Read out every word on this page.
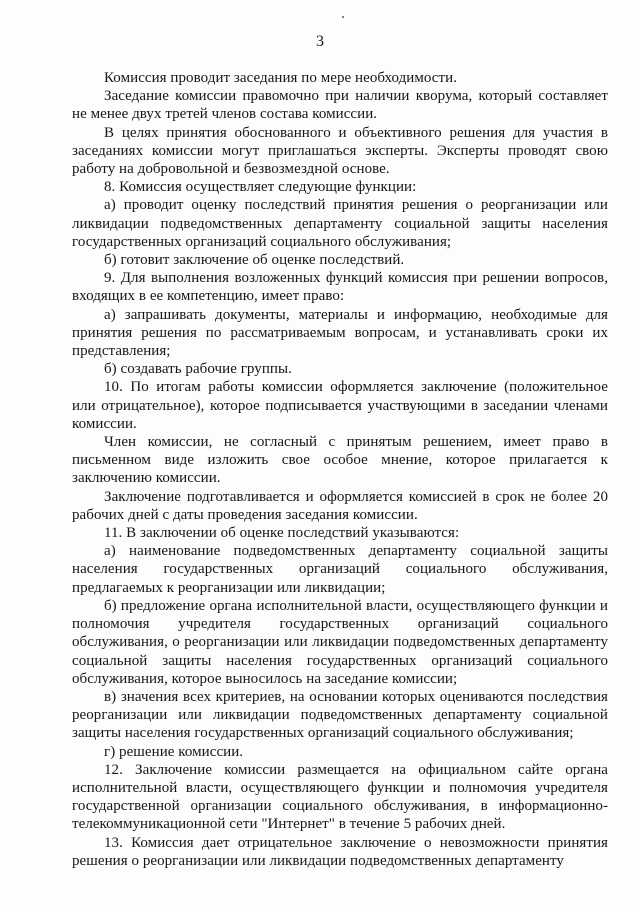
3

Комиссия проводит заседания по мере необходимости.

Заседание комиссии правомочно при наличии кворума, который составляет не менее двух третей членов состава комиссии.

В целях принятия обоснованного и объективного решения для участия в заседаниях комиссии могут приглашаться эксперты. Эксперты проводят свою работу на добровольной и безвозмездной основе.

8. Комиссия осуществляет следующие функции:

а) проводит оценку последствий принятия решения о реорганизации или ликвидации подведомственных департаменту социальной защиты населения государственных организаций социального обслуживания;

б) готовит заключение об оценке последствий.

9. Для выполнения возложенных функций комиссия при решении вопросов, входящих в ее компетенцию, имеет право:

а) запрашивать документы, материалы и информацию, необходимые для принятия решения по рассматриваемым вопросам, и устанавливать сроки их представления;

б) создавать рабочие группы.

10. По итогам работы комиссии оформляется заключение (положительное или отрицательное), которое подписывается участвующими в заседании членами комиссии.

Член комиссии, не согласный с принятым решением, имеет право в письменном виде изложить свое особое мнение, которое прилагается к заключению комиссии.

Заключение подготавливается и оформляется комиссией в срок не более 20 рабочих дней с даты проведения заседания комиссии.

11. В заключении об оценке последствий указываются:

а) наименование подведомственных департаменту социальной защиты населения государственных организаций социального обслуживания, предлагаемых к реорганизации или ликвидации;

б) предложение органа исполнительной власти, осуществляющего функции и полномочия учредителя государственных организаций социального обслуживания, о реорганизации или ликвидации подведомственных департаменту социальной защиты населения государственных организаций социального обслуживания, которое выносилось на заседание комиссии;

в) значения всех критериев, на основании которых оцениваются последствия реорганизации или ликвидации подведомственных департаменту социальной защиты населения государственных организаций социального обслуживания;

г) решение комиссии.

12. Заключение комиссии размещается на официальном сайте органа исполнительной власти, осуществляющего функции и полномочия учредителя государственной организации социального обслуживания, в информационно-телекоммуникационной сети "Интернет" в течение 5 рабочих дней.

13. Комиссия дает отрицательное заключение о невозможности принятия решения о реорганизации или ликвидации подведомственных департаменту
